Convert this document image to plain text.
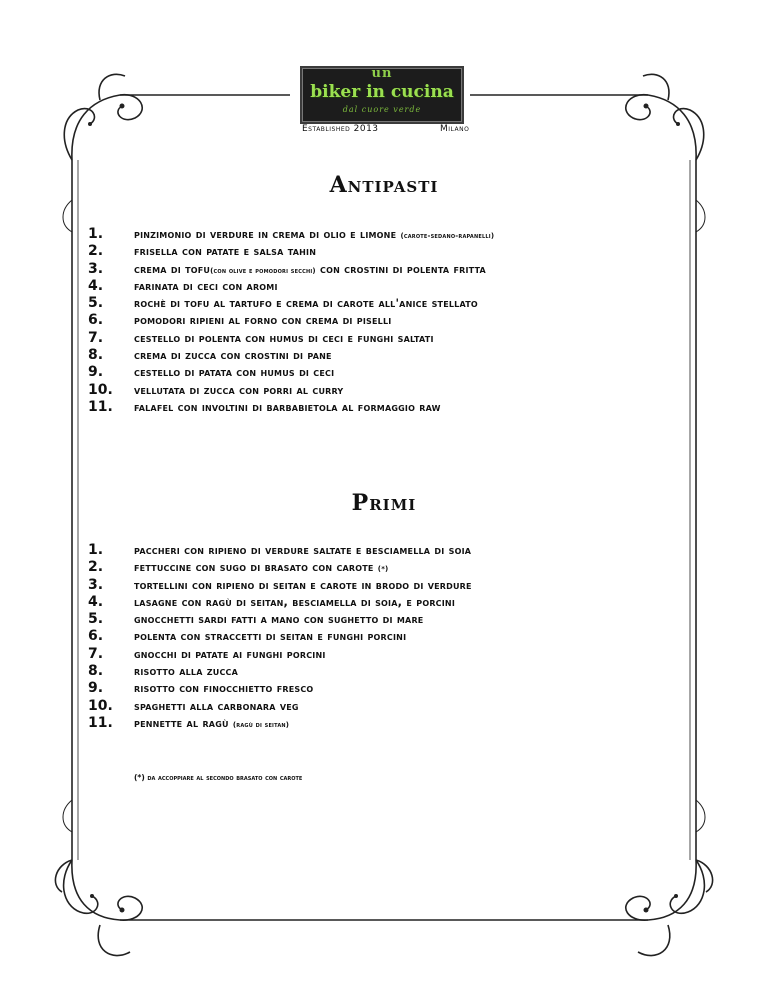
un
biker in cucina
dal cuore verde
Established 2013	Milano
Antipasti
1.	pinzimonio di verdure in crema di olio e limone (carote-sedano-rapanelli)
2.	frisella con patate e salsa tahin
3.	crema di tofu(con olive e pomodori secchi) con crostini di polenta fritta
4.	farinata di ceci con aromi
5.	rochè di tofu al tartufo e crema di carote all'anice stellato
6.	pomodori ripieni al forno con crema di piselli
7.	cestello di polenta con humus di ceci e funghi saltati
8.	crema di zucca con crostini di pane
9.	cestello di patata con humus di ceci
10.	vellutata di zucca con porri al curry
11.	falafel con involtini di barbabietola al formaggio raw
Primi
1.	paccheri con ripieno di verdure saltate e besciamella di soia
2.	fettuccine con sugo di brasato con carote (*)
3.	tortellini con ripieno di seitan e carote in brodo di verdure
4.	lasagne con ragù di seitan, besciamella di soia, e porcini
5.	gnocchetti sardi fatti a mano con sughetto di mare
6.	polenta con straccetti di seitan e funghi porcini
7.	gnocchi di patate ai funghi porcini
8.	risotto alla zucca
9.	risotto con finocchietto fresco
10.	spaghetti alla carbonara veg
11.	pennette al ragù (ragù di seitan)
(*) da accoppiare al secondo brasato con carote
